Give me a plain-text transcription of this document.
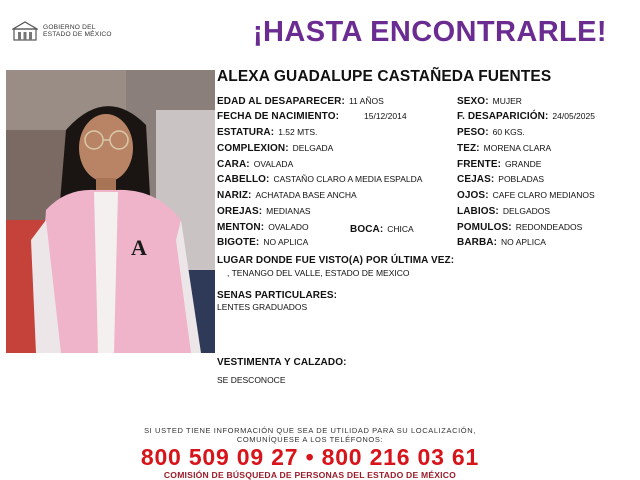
GOBIERNO DEL
ESTADO DE MÉXICO	¡HASTA ENCONTRARLE!
A
ALEXA GUADALUPE CASTAÑEDA FUENTES
EDAD AL DESAPARECER: 11 AÑOS	SEXO: MUJER
FECHA DE NACIMIENTO:	15/12/2014	F. DESAPARICIÓN: 24/05/2025
ESTATURA: 1.52 MTS.	PESO: 60 KGS.
COMPLEXION: DELGADA	TEZ: MORENA CLARA
CARA: OVALADA	FRENTE: GRANDE
CABELLO: CASTAÑO CLARO A MEDIA ESPALDA	CEJAS: POBLADAS
NARIZ: ACHATADA BASE ANCHA	OJOS: CAFE CLARO MEDIANOS
OREJAS: MEDIANAS	LABIOS: DELGADOS
MENTON: OVALADO	BOCA: CHICA	POMULOS: REDONDEADOS
BIGOTE: NO APLICA	BARBA: NO APLICA
LUGAR DONDE FUE VISTO(A) POR ÚLTIMA VEZ:
, TENANGO DEL VALLE, ESTADO DE MEXICO
SENAS PARTICULARES:
LENTES GRADUADOS
VESTIMENTA Y CALZADO:
SE DESCONOCE
SI USTED TIENE INFORMACIÓN QUE SEA DE UTILIDAD PARA SU LOCALIZACIÓN,
COMUNÍQUESE A LOS TELÉFONOS:
800 509 09 27 • 800 216 03 61
COMISIÓN DE BÚSQUEDA DE PERSONAS DEL ESTADO DE MÉXICO
